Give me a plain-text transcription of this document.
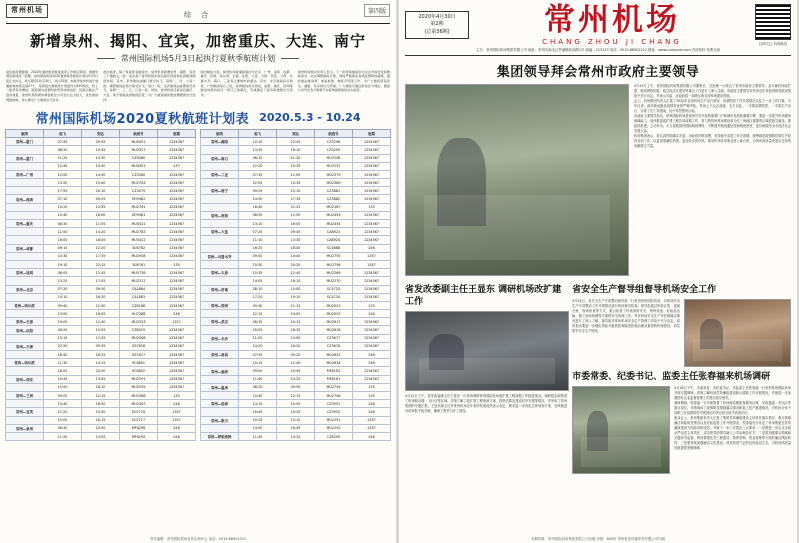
常州机场	第四版
综 合
新增泉州、揭阳、宜宾，加密重庆、大连、南宁
常州国际机场5月3日起执行夏秋季航班计划
受民航疫情影响，2020年夏秋航季航班换季工作相应顺延。根据中国民航局统一部署，常州国际机场2020夏秋航季航班计划自5月3日起正式执行，执行期至10月24日，共计25周。本航季常州机场计划通航城市将达到27个，每周进出港航班计划量约为420架次，较上一航季有所增加。随着国内疫情防控形势持续向好，民航运输生产逐步恢复，常州机场积极协调各航空公司加大运力投入，优化航线网络结构，努力满足广大旅客出行需求。
此次换季，除了恢复原有航线外，常州机场新增泉州、揭阳、宜宾三个通航点，进一步完善了常州机场东南沿海及西南地区的航线网络布局。其中，泉州航线由厦门航空执飞，每周二、四、六各一班；揭阳航线由南方航空执飞，每日一班；宜宾航线由成都航空执飞，每周一、三、五、日各一班。同时，常州机场还将加密重庆、大连、南宁等航线的航班密度，为广大旅客提供更加便捷的出行选择。
国内航线方面，常州机场将继续保持与北京、广州、深圳、成都、重庆、昆明、哈尔滨、长春、沈阳、大连、天津、西安、兰州、乌鲁木齐、海口、三亚等主要城市的通达。其中，北京航线每日两班，广州航线每日三班，深圳航线每日两班，成都、重庆、昆明等航线均保持每日一班以上的频次，有效满足了商务和旅游出行需求。
常州机场相关负责人表示，下一阶段将继续密切关注市场变化和旅客需求，动态调整航班计划，同时严格落实各项疫情防控措施，做好航站楼消毒、体温检测、旅客引导等工作，为广大旅客营造安全、健康、有序的出行环境。广大旅客可通过机场官方网站、微信公众号及各大购票平台查询最新航班动态信息。
常州国际机场2020夏秋航班计划表 2020.5.3 - 10.24
航线	起飞	到达	航班号	班期
常州—厦门	07:45	09:55	MU5451	1234567
	08:50	10:45	MU2327	1234567
常州—厦门	11:25	13:30	CZ3480	1234567
	12:45	14:40	MU5451	237
常州—广州	12:00	14:30	CZ3480	1234567
	13:20	15:40	MU2783	1234567
	17:55	20:10	CZ3479	1234567
常州—深圳	07:10	09:25	ZH9482	1234567
	10:20	12:35	MU2761	1234567
	15:40	18:00	ZH9481	1234567
常州—重庆	08:30	11:05	MU5421	1234567
	11:50	14:20	MU2783	1234567
	16:05	18:45	MU5422	1234567
常州—成都	09:15	12:20	3U8762	1234567
	14:30	17:35	MU2908	1234567
	19:10	22:15	3U8761	135
常州—昆明	08:05	11:45	MU5738	1234567
	13:25	17:05	MU2311	1234567
常州—北京	07:20	09:30	CA1864	1234567
	14:10	16:20	CA1863	1234567
常州—哈尔滨	09:40	12:30	CZ6186	1234567
	13:55	16:45	HU7288	246
常州—长春	10:05	12:40	MU2553	1357
常州—沈阳	08:25	10:55	CZ6415	1234567
	15:15	17:45	MU2568	1234567
常州—天津	07:50	09:35	GS7618	1234567
	16:40	18:25	GS7617	1234567
常州—哈尔滨	11:30	14:15	9C8851	1234567
	18:05	20:50	9C8852	1234567
常州—西安	10:45	13:05	MU2291	1234567
	15:50	18:10	MU2292	1234567
常州—兰州	09:05	12:15	MU2368	135
	13:40	16:50	MU2367	246
常州—宜宾	11:20	14:30	EU2718	1357
	15:05	18:15	EU2717	1357
常州—泉州	08:40	10:50	MF8296	246
	11:45	13:55	MF8295	246
航线	起飞	到达	航班号	班期
常州—揭阳	10:10	12:45	CZ3296	1234567
	13:35	16:10	CZ3295	1234567
常州—海口	08:15	11:30	HU7238	1234567
	12:20	15:35	HU7237	1234567
常州—三亚	07:35	11:05	MU2379	1234567
	12:05	15:35	MU2380	1234567
常州—南宁	09:25	12:10	CZ3881	1234567
	14:50	17:35	CZ3882	1234567
	18:40	21:25	MU2187	135
常州—贵阳	08:55	11:50	MU2453	1234567
	13:10	16:05	MU2454	1234567
常州—大连	07:25	09:45	CA8923	1234567
	11:10	13:30	CA8924	1234567
	16:20	18:40	SC4688	246
常州—乌鲁木齐	09:50	14:40	MU2755	1357
	15:30	20:20	MU2756	1357
常州—太原	10:35	12:40	MU2269	1234567
	14:05	16:10	MU2270	1234567
常州—济南	08:10	10:00	SC4733	1234567
	17:20	19:10	SC4734	1234567
常州—郑州	09:30	11:15	MU2501	135
	12:15	14:00	MU2502	246
常州—武汉	08:35	10:15	MU2617	1234567
	16:55	18:35	MU2618	1234567
常州—长沙	11:05	13:05	CZ3677	1234567
	14:20	16:20	CZ3678	1234567
常州—南昌	07:55	09:20	MU2833	246
	10:15	11:40	MU2834	246
常州—福州	09:00	10:45	MF8162	1234567
	11:40	13:25	MF8161	1234567
常州—温州	08:20	09:50	MU2745	135
	10:45	12:15	MU2746	135
常州—桂林	13:15	15:50	CZ3951	246
	16:45	19:20	CZ3952	246
常州—银川	10:25	13:10	MU2291	1357
	14:00	16:45	MU2292	1357
常州—呼和浩特	11:45	14:25	CZ6295	246
责任编辑：常州国际机场宣传企划中心 电话：0519-88902201
2020年4月30日
第2期
(总第36期)	常州机场
CHANG ZHOU JI CHANG	扫码关注 机场微信
主办：常州国际机场集团有限公司 地址：常州市新北区罗溪镇机场路1号 邮编：213133 电话：0519-88902212 网址：www.czairport.com 内部资料 免费交流
集团领导拜会常州市政府主要领导
4月23日上午，常州国际机场集团有限公司董事长、总经理一行拜会了常州市政府主要领导，双方就机场改扩建、航线网络拓展、临空经济区建设等重点工作进行了深入交流。市政府主要领导对机场近年来取得的发展成绩给予充分肯定，并表示市委、市政府将一如既往地支持机场建设发展。
会上，机场集团负责人汇报了2020年以来机场生产运行情况、疫情防控工作开展情况以及下一步工作打算。今年以来，面对新冠肺炎疫情带来的严峻考验，机场上下众志成城、全力以赴，一手抓疫情防控，一手抓生产运行，实现了员工零感染、运行零差错的目标。
市政府主要领导指出，常州国际机场是常州对外开放的重要门户和城市发展的重要引擎，要进一步提升机场服务保障能力，加快推进改扩建工程各项前期工作，努力把常州机场建设成为长三角地区重要的区域性航空枢纽。要抢抓机遇，主动作为，大力拓展国内国际航线网络，不断提升航线通达性和航班密度，更好地服务全市经济社会发展大局。
机场集团表示，将认真贯彻落实市委、市政府决策部署，坚持稳中求进工作总基调，统筹推进疫情防控和生产经营各项工作，以更加饱满的热情、更加务实的作风，推动机场各项事业再上新台阶，为常州高质量发展走在前列贡献航空力量。
省发改委副主任王显东 调研机场改扩建工作
4月21日上午，省发改委副主任王显东一行来常调研常州国际机场改扩建工程前期工作推进情况。调研组实地察看了机场航站楼、飞行区等区域，详细了解了改扩建工程规划方案、投资估算及建设时序安排等情况，并听取了机场集团的专题汇报。王显东副主任对常州机场近年来的发展成效表示肯定，要求进一步优化总体规划方案，加快推进各项审批手续办理，确保工程早日开工建设。
省安全生产督导组督导机场安全工作
4月24日，省安全生产专项整治督导组一行来到常州国际机场，对机场安全生产专项整治工作开展情况进行现场督导检查。督导组通过听取汇报、查阅台账、现场检查等方式，重点检查了机场消防安全、特种设备、危险品运输、施工现场管理等方面的安全管理工作，并对机场安全生产责任制落实情况进行了深入了解。督导组对常州机场安全生产管理工作给予充分肯定，同时指出要进一步强化风险分级管控和隐患排查治理双重预防机制建设，切实筑牢安全生产防线。
市委常委、纪委书记、监委主任张春福来机场调研
4月28日下午，市委常委、市纪委书记、市监委主任张春福一行来到常州国际机场开展专题调研，详细了解机场党风廉政建设和反腐败工作开展情况，并就进一步加强国有企业监督管理工作提出指导意见。
调研期间，张春福一行实地察看了机场航站楼旅客服务区域、安检通道、货运区等重点部位，详细询问了疫情防控措施落实情况和复工复产推进情况，对机场全体干部职工在疫情防控中展现出的责任担当给予高度评价。
座谈会上，机场集团负责人汇报了集团党风廉政建设主体责任落实情况、重点领域廉洁风险防控情况以及纪检监察工作开展情况。张春福充分肯定了机场集团在党风廉政建设方面取得的成效，并就下一步工作提出三点要求：一是要进一步压实全面从严治党主体责任，切实把党的领导融入公司治理各环节；二是要加强重点领域和关键环节监督，特别要强化对工程建设、物资采购、资金管理等方面的廉洁风险防控；三是要持续加强廉洁文化建设，营造风清气正的良好政治生态，为机场高质量发展提供坚强保障。
本期印数：常州国际机场集团有限公司出版 印数：800份 常州报业传媒印务有限公司印刷
